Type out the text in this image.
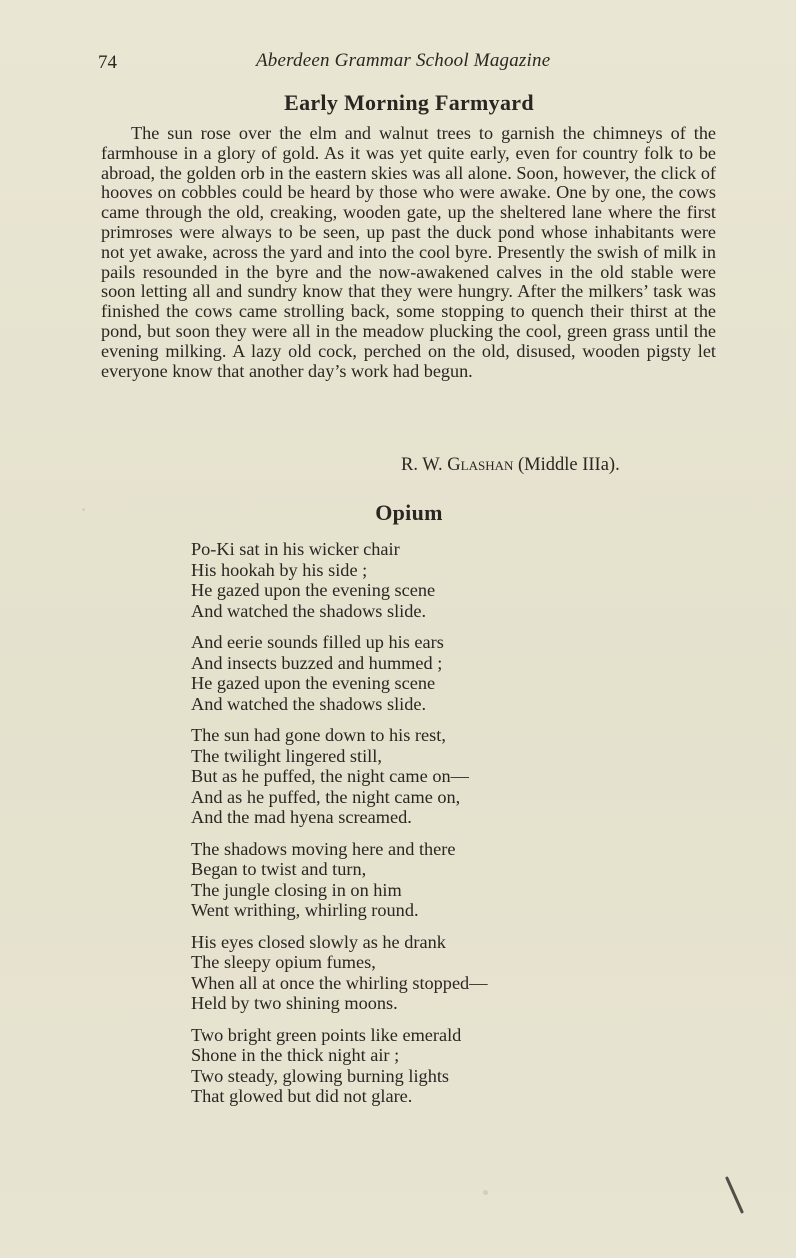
74	Aberdeen Grammar School Magazine
Early Morning Farmyard

The sun rose over the elm and walnut trees to garnish the chimneys of the farmhouse in a glory of gold. As it was yet quite early, even for country folk to be abroad, the golden orb in the eastern skies was all alone. Soon, however, the click of hooves on cobbles could be heard by those who were awake. One by one, the cows came through the old, creaking, wooden gate, up the sheltered lane where the first primroses were always to be seen, up past the duck pond whose inhabitants were not yet awake, across the yard and into the cool byre. Presently the swish of milk in pails resounded in the byre and the now-awakened calves in the old stable were soon letting all and sundry know that they were hungry. After the milkers’ task was finished the cows came strolling back, some stopping to quench their thirst at the pond, but soon they were all in the meadow plucking the cool, green grass until the evening milking. A lazy old cock, perched on the old, disused, wooden pigsty let everyone know that another day’s work had begun.

R. W. Glashan (Middle IIIa).
Opium
Po-Ki sat in his wicker chair
His hookah by his side ;
He gazed upon the evening scene
And watched the shadows slide.
And eerie sounds filled up his ears
And insects buzzed and hummed ;
He gazed upon the evening scene
And watched the shadows slide.
The sun had gone down to his rest,
The twilight lingered still,
But as he puffed, the night came on—
And as he puffed, the night came on,
And the mad hyena screamed.
The shadows moving here and there
Began to twist and turn,
The jungle closing in on him
Went writhing, whirling round.
His eyes closed slowly as he drank
The sleepy opium fumes,
When all at once the whirling stopped—
Held by two shining moons.
Two bright green points like emerald
Shone in the thick night air ;
Two steady, glowing burning lights
That glowed but did not glare.
